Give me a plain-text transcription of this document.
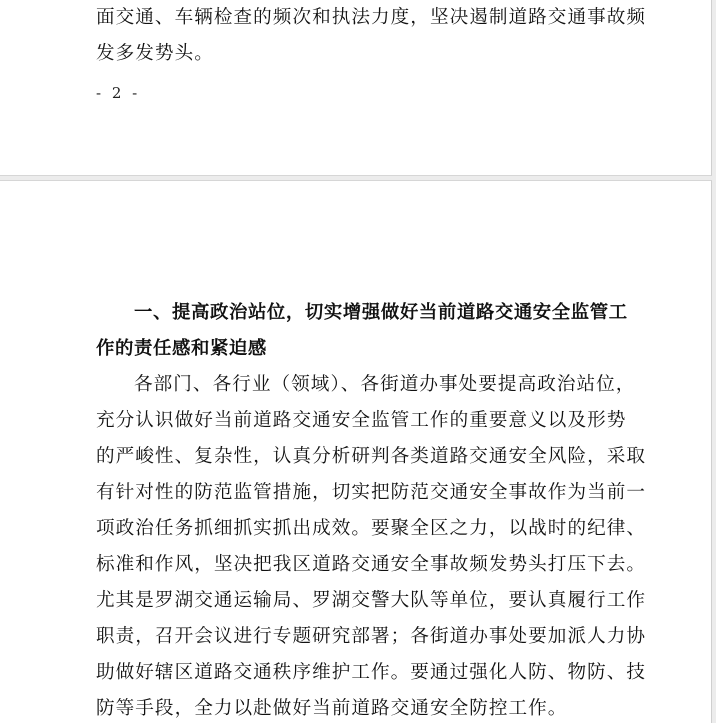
面交通、车辆检查的频次和执法力度，坚决遏制道路交通事故频
发多发势头。
- 2 -
一、提高政治站位，切实增强做好当前道路交通安全监管工
作的责任感和紧迫感
各部门、各行业（领域）、各街道办事处要提高政治站位，
充分认识做好当前道路交通安全监管工作的重要意义以及形势
的严峻性、复杂性，认真分析研判各类道路交通安全风险，采取
有针对性的防范监管措施，切实把防范交通安全事故作为当前一
项政治任务抓细抓实抓出成效。要聚全区之力，以战时的纪律、
标准和作风，坚决把我区道路交通安全事故频发势头打压下去。
尤其是罗湖交通运输局、罗湖交警大队等单位，要认真履行工作
职责，召开会议进行专题研究部署；各街道办事处要加派人力协
助做好辖区道路交通秩序维护工作。要通过强化人防、物防、技
防等手段，全力以赴做好当前道路交通安全防控工作。
